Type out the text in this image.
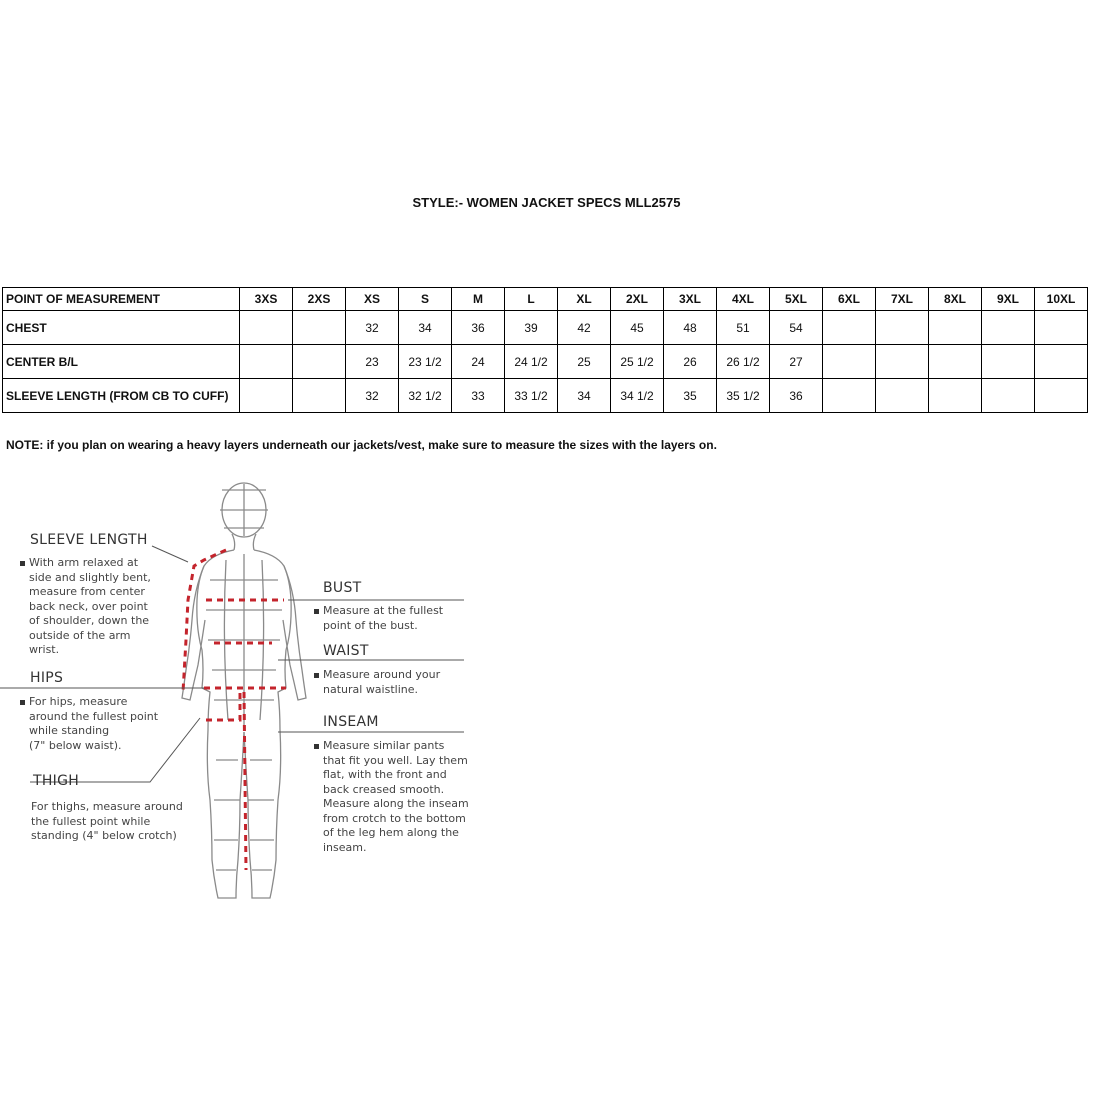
STYLE:- WOMEN JACKET SPECS MLL2575
POINT OF MEASUREMENT	3XS	2XS	XS	S	M	L	XL	2XL	3XL	4XL	5XL	6XL	7XL	8XL	9XL	10XL
CHEST			32	34	36	39	42	45	48	51	54					
CENTER B/L			23	23 1/2	24	24 1/2	25	25 1/2	26	26 1/2	27					
SLEEVE LENGTH (FROM CB TO CUFF)			32	32 1/2	33	33 1/2	34	34 1/2	35	35 1/2	36					
NOTE: if you plan on wearing a heavy layers underneath our jackets/vest, make sure to measure the sizes with the layers on.
SLEEVE LENGTH
With arm relaxed at
side and slightly bent,
measure from center
back neck, over point
of shoulder, down the
outside of the arm
wrist.
HIPS
For hips, measure
around the fullest point
while standing
(7" below waist).
THIGH
For thighs, measure around
the fullest point while
standing (4" below crotch)
BUST
Measure at the fullest
point of the bust.
WAIST
Measure around your
natural waistline.
INSEAM
Measure similar pants
that fit you well. Lay them
flat, with the front and
back creased smooth.
Measure along the inseam
from crotch to the bottom
of the leg hem along the
inseam.
